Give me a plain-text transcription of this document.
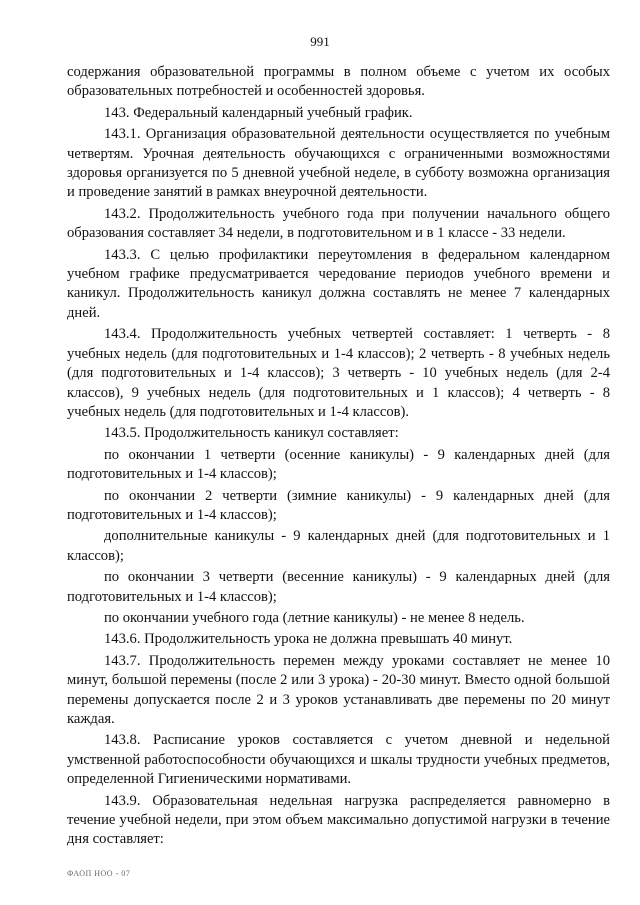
991

содержания образовательной программы в полном объеме с учетом их особых образовательных потребностей и особенностей здоровья.

143. Федеральный календарный учебный график.

143.1. Организация образовательной деятельности осуществляется по учебным четвертям. Урочная деятельность обучающихся с ограниченными возможностями здоровья организуется по 5 дневной учебной неделе, в субботу возможна организация и проведение занятий в рамках внеурочной деятельности.

143.2. Продолжительность учебного года при получении начального общего образования составляет 34 недели, в подготовительном и в 1 классе - 33 недели.

143.3. С целью профилактики переутомления в федеральном календарном учебном графике предусматривается чередование периодов учебного времени и каникул. Продолжительность каникул должна составлять не менее 7 календарных дней.

143.4. Продолжительность учебных четвертей составляет: 1 четверть - 8 учебных недель (для подготовительных и 1-4 классов); 2 четверть - 8 учебных недель (для подготовительных и 1-4 классов); 3 четверть - 10 учебных недель (для 2-4 классов), 9 учебных недель (для подготовительных и 1 классов); 4 четверть - 8 учебных недель (для подготовительных и 1-4 классов).

143.5. Продолжительность каникул составляет:

по окончании 1 четверти (осенние каникулы) - 9 календарных дней (для подготовительных и 1-4 классов);

по окончании 2 четверти (зимние каникулы) - 9 календарных дней (для подготовительных и 1-4 классов);

дополнительные каникулы - 9 календарных дней (для подготовительных и 1 классов);

по окончании 3 четверти (весенние каникулы) - 9 календарных дней (для подготовительных и 1-4 классов);

по окончании учебного года (летние каникулы) - не менее 8 недель.

143.6. Продолжительность урока не должна превышать 40 минут.

143.7. Продолжительность перемен между уроками составляет не менее 10 минут, большой перемены (после 2 или 3 урока) - 20-30 минут. Вместо одной большой перемены допускается после 2 и 3 уроков устанавливать две перемены по 20 минут каждая.

143.8. Расписание уроков составляется с учетом дневной и недельной умственной работоспособности обучающихся и шкалы трудности учебных предметов, определенной Гигиеническими нормативами.

143.9. Образовательная недельная нагрузка распределяется равномерно в течение учебной недели, при этом объем максимально допустимой нагрузки в течение дня составляет:

ФАОП НОО - 07
